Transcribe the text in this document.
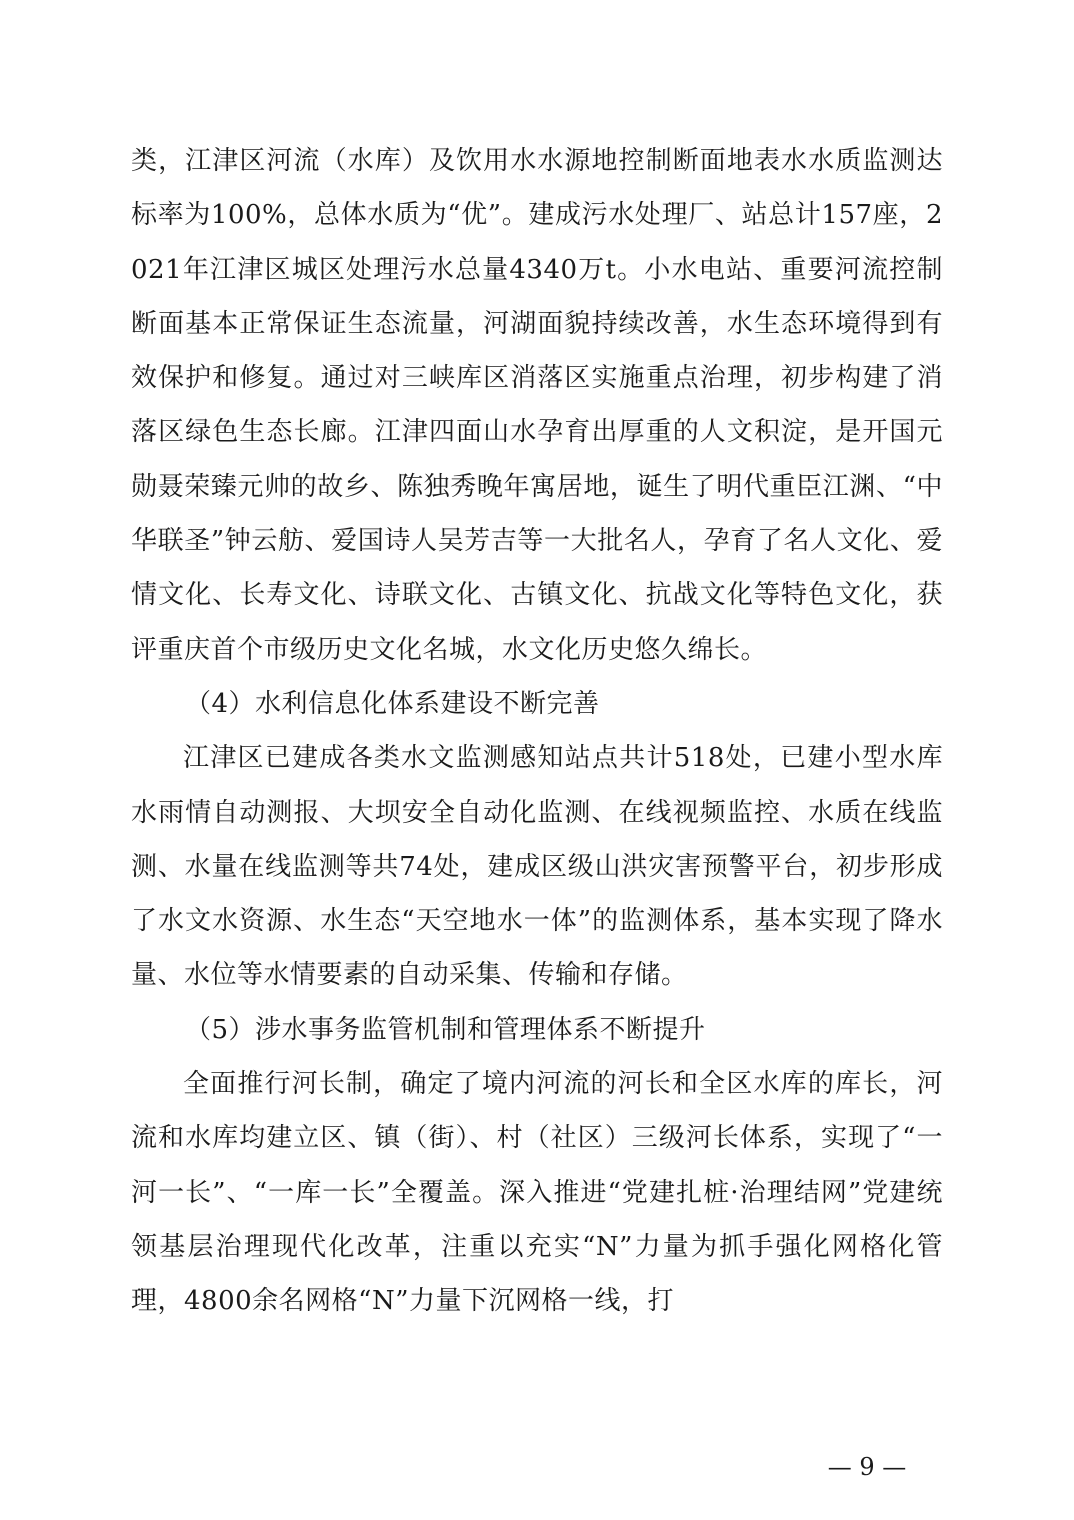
类，江津区河流（水库）及饮用水水源地控制断面地表水水质监测达标率为100%，总体水质为“优”。建成污水处理厂、站总计157座，2021年江津区城区处理污水总量4340万t。小水电站、重要河流控制断面基本正常保证生态流量，河湖面貌持续改善，水生态环境得到有效保护和修复。通过对三峡库区消落区实施重点治理，初步构建了消落区绿色生态长廊。江津四面山水孕育出厚重的人文积淀，是开国元勋聂荣臻元帅的故乡、陈独秀晚年寓居地，诞生了明代重臣江渊、“中华联圣”钟云舫、爱国诗人吴芳吉等一大批名人，孕育了名人文化、爱情文化、长寿文化、诗联文化、古镇文化、抗战文化等特色文化，获评重庆首个市级历史文化名城，水文化历史悠久绵长。

（4）水利信息化体系建设不断完善

江津区已建成各类水文监测感知站点共计518处，已建小型水库水雨情自动测报、大坝安全自动化监测、在线视频监控、水质在线监测、水量在线监测等共74处，建成区级山洪灾害预警平台，初步形成了水文水资源、水生态“天空地水一体”的监测体系，基本实现了降水量、水位等水情要素的自动采集、传输和存储。

（5）涉水事务监管机制和管理体系不断提升

全面推行河长制，确定了境内河流的河长和全区水库的库长，河流和水库均建立区、镇（街）、村（社区）三级河长体系，实现了“一河一长”、“一库一长”全覆盖。深入推进“党建扎桩·治理结网”党建统领基层治理现代化改革，注重以充实“N”力量为抓手强化网格化管理，4800余名网格“N”力量下沉网格一线，打

— 9 —
